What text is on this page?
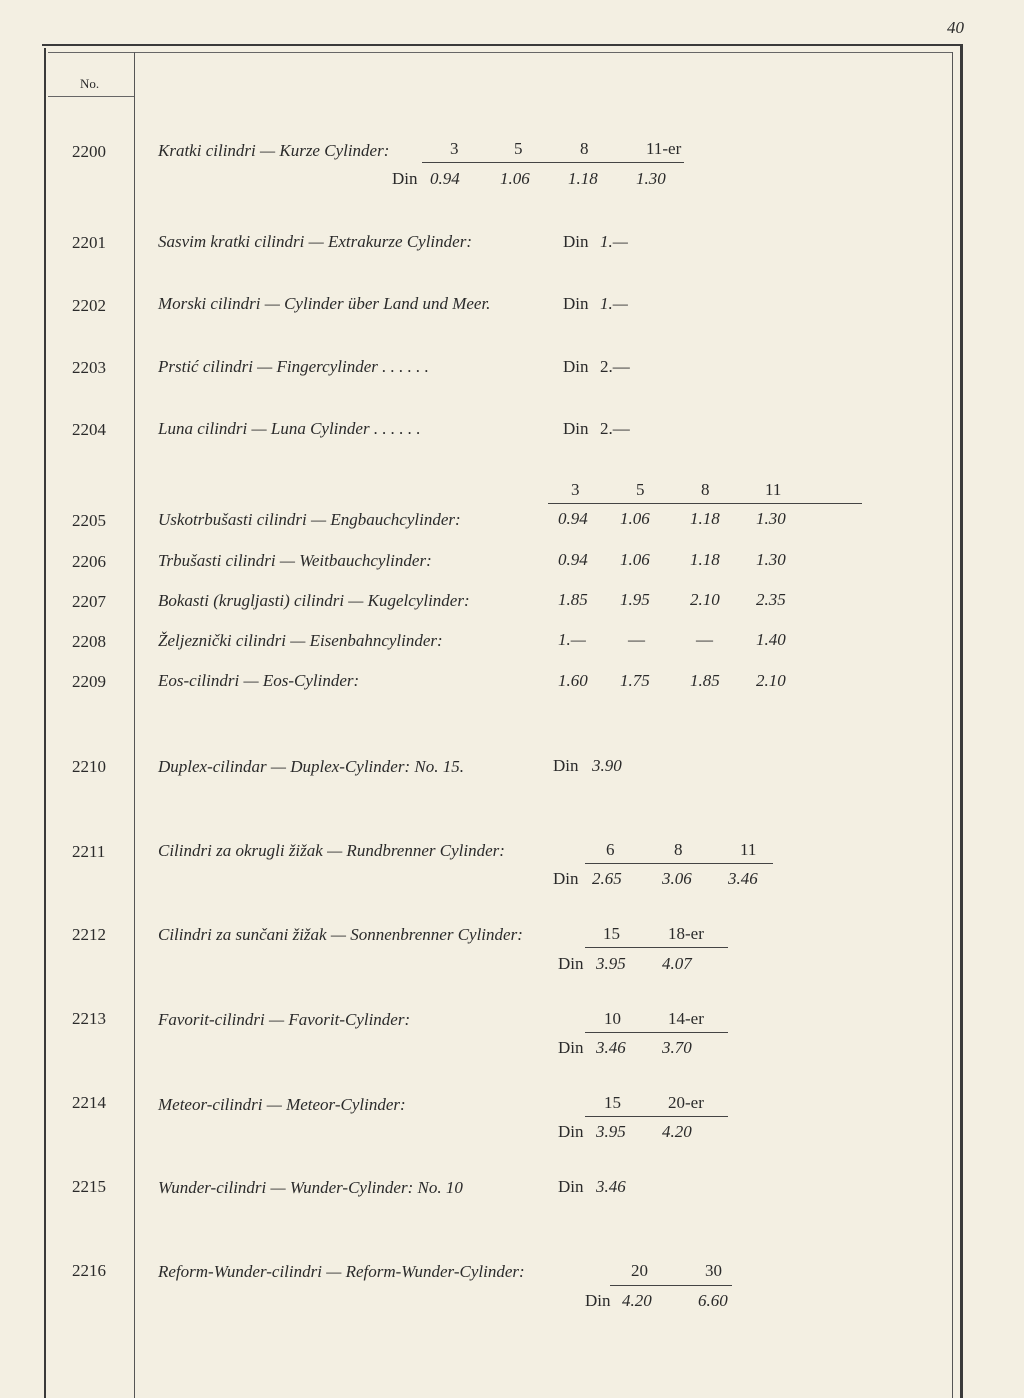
40
No.
2200	Kratki cilindri — Kurze Cylinder:	3	5	8	11-er
Din 0.94 1.06 1.18 1.30
2201	Sasvim kratki cilindri — Extrakurze Cylinder:	Din 1.—
2202	Morski cilindri — Cylinder über Land und Meer.	Din 1.—
2203	Prstić cilindri — Fingercylinder . . . . . .	Din 2.—
2204	Luna cilindri — Luna Cylinder . . . . . .	Din 2.—
3	5	8	11
2205	Uskotrbušasti cilindri — Engbauchcylinder:	0.94 1.06 1.18 1.30
2206	Trbušasti cilindri — Weitbauchcylinder:	0.94 1.06 1.18 1.30
2207	Bokasti (krugljasti) cilindri — Kugelcylinder:	1.85 1.95 2.10 2.35
2208	Željeznički cilindri — Eisenbahncylinder:	1.— —	—	1.40
2209	Eos-cilindri — Eos-Cylinder:	1.60 1.75 1.85 2.10
2210	Duplex-cilindar — Duplex-Cylinder: No. 15.	Din 3.90
2211	Cilindri za okrugli žižak — Rundbrenner Cylinder:	6	8	11
Din 2.65 3.06 3.46
2212	Cilindri za sunčani žižak — Sonnenbrenner Cylinder:	15	18-er
Din 3.95 4.07
2213	Favorit-cilindri — Favorit-Cylinder:	10	14-er
Din 3.46 3.70
2214	Meteor-cilindri — Meteor-Cylinder:	15	20-er
Din 3.95 4.20
2215	Wunder-cilindri — Wunder-Cylinder: No. 10	Din 3.46
2216	Reform-Wunder-cilindri — Reform-Wunder-Cylinder:	20	30
Din 4.20	6.60
